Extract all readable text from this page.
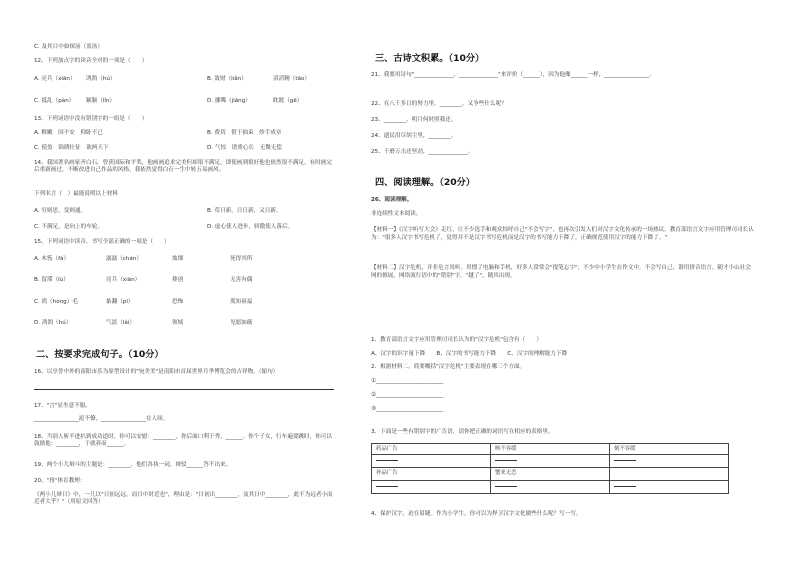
C. 及其日中如探汤（盈汤）
12、下列加点字的读音全对的一项是（　　）
A. 亮兵（xiān） 鸿鹄（hú）	B. 敛财（liǎn）	滔滔精（tāo）
C. 抵乱（pàn） 颖颖（lǐn）	D. 挪嘴（jiǎng）	眈眈（gē）
13、下列词语中没有错别字的一组是（　　）
A. 稚嫩　因不安　仰卧不已	B. 费切　借于抽束　炒手成章
C. 使盈　锦绣壮征　欲两天下	D. 气惊　谱重心长　无微无偿
14、我国著名画家齐白石，曾获国际和平奖，他画画追求完美但却很不满足，即使画到很好他也依然很不满足，有时画完后重新画过，不断改进自己作品的风格，我依然觉得白石一生中转五易画风。
下列名言（　）最能说明以上材料
A. 穷则思，变则通。	B. 苟日新，日日新，又日新。
C. 不满足，是向上的车轮。	D. 虚心使人进步，骄傲使人落后。
15、下列词语中读音、书写全部正确的一项是（　　）
A. 木筏（fá）	潺潺（chán）	烛烟	死得其所
B. 留滞（lù）	亮兵（xiān）	排创	无害有偶
C. 鸿（hóng）毛	掂翻（pī）	恐怖	蔑知祖福
D. 鸿鹄（hú）	气淡（lái）	领域	见愿如薇
二、按要求完成句子。（10分）
16、以享誉中外的南阳市乐为原型设计的"宛美美"是南阳市首届世界月季博览会的吉祥物。（缩句）
17、"言"显坐意不服。
________________泥不僚，________________在人间。
18、当别人斩不进扒到成功道时，你可以安慰：________，你后面口利于秀，______。你个子女，行车遍要跳时，你可以鼓励他：________，于就养而______。
19、两个小儿辩斗的主题是：________，他们各执一词，辩驳______答不出来。
20、"扭"体育教理：
《两小儿辩日》中，一儿以"日初远远，而日中时近也"，理由是："日初出________，及其日中________，此不为远者小而近者大乎？"（用原文回答）
三、古诗文积累。（10分）
21、我要用诗句"______________，______________"来评价（______），因为他像______一样，________________。
22、在八千多日的努力里，________，又争些什么呢？
23、________，明月何时照我还。
24、遗民泪尽胡尘里，________。
25、千磨万击还坚劲，______________。
四、阅读理解。（20分）
26、阅读理解。
非连续性文本阅读。
【材料一】《汉字听写大会》走红，让不少选手和观众惊呼自己"不会写字"，也再次引发人们对汉字文化传承的一场热议。教育部语言文字应用管理司司长认为："很多人汉字书写危机了，觉得并不是汉字书写危机而是汉字的书写能力下降了，正确规范使用汉字的能力下降了。"
【材料二】汉字危机，并非危言耸听。用惯了电脑和手机，好多人常常会"提笔忘字"；不少中小学生在作文中，不会写自己，谐用拼音语言。随才小山社会网的推展，网络流行语中的"错别"字，"越了"，随其出现。
1、教育部语言文字应用管理司司长认为的"汉字危机"包含有（　　）
A、汉字的识字量下降　　B、汉字的书写能力下降　　C、汉字的理解能力下降
2、根据材料二，简要概括"汉字危机"主要表现在哪三个方面。
①________________________
②________________________
③________________________
3、下面是一些有错别字的广告语，请你把正确的词语写在相应的表格里。
药品广告	咳不容缓	刻不容缓

补品广告	蟹来无恙	

4、保护汉字，迫在眉睫。作为小学生，你可以为捍卫汉字文化做些什么呢？写一写。
